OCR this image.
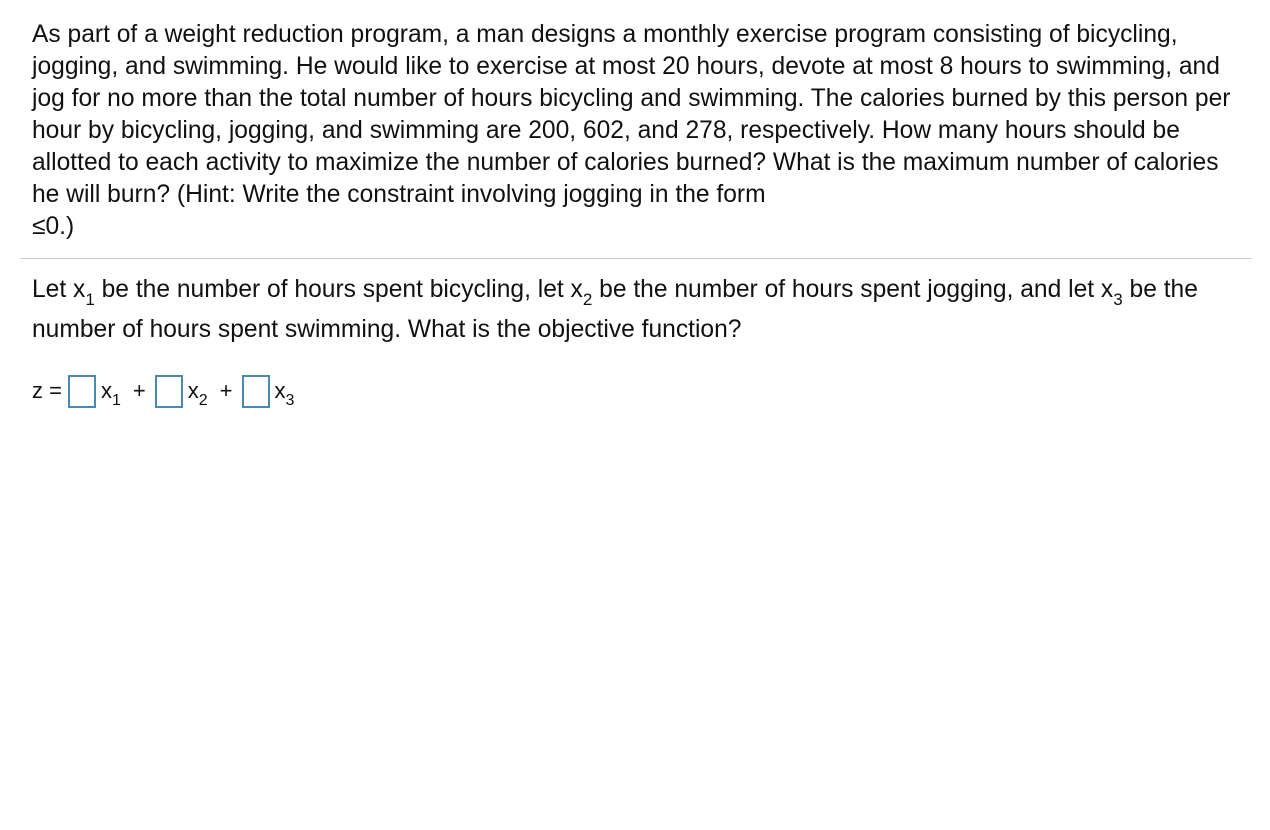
As part of a weight reduction program, a man designs a monthly exercise program consisting of bicycling, jogging, and swimming. He would like to exercise at most 20 hours, devote at most 8 hours to swimming, and jog for no more than the total number of hours bicycling and swimming. The calories burned by this person per hour by bicycling, jogging, and swimming are 200, 602, and 278, respectively. How many hours should be allotted to each activity to maximize the number of calories burned? What is the maximum number of calories he will burn? (Hint: Write the constraint involving jogging in the form
≤0.)

Let $x_1$ be the number of hours spent bicycling, let $x_2$ be the number of hours spent jogging, and let $x_3$ be the number of hours spent swimming. What is the objective function?

$z = x_1 + x_2 + x_3$
